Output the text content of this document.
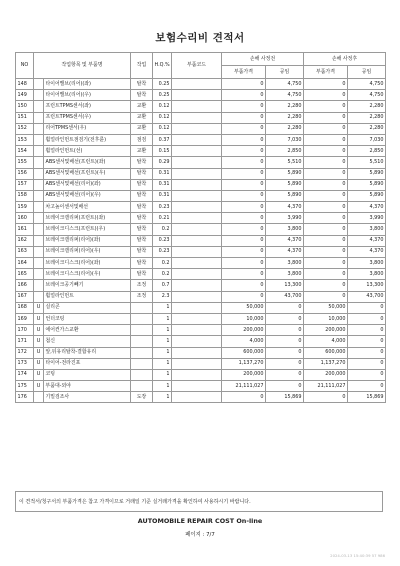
보험수리비 견적서
NO	작업항목 및 부품명		작업	H.Q.%	부품코드	손해 사정전		손해 사정후	
						부품가격	공임	부품가격	공임
148		타이어밸브(리어)(좌)	탈착	0.25		0	4,750	0	4,750
149		타이어밸브(리어)(우)	탈착	0.25		0	4,750	0	4,750
150		프런트TPMS센서(좌)	교환	0.12		0	2,280	0	2,280
151		프런트TPMS센서(우)	교환	0.12		0	2,280	0	2,280
152		리어TPMS센서(우)	교환	0.12		0	2,280	0	2,280
153		휠얼라인먼트점검기(전후륜)	점검	0.37		0	7,030	0	7,030
154		휠얼라인먼트(선)	교환	0.15		0	2,850	0	2,850
155		ABS센서및배선(프런트)(좌)	탈착	0.29		0	5,510	0	5,510
156		ABS센서및배선(프런트)(우)	탈착	0.31		0	5,890	0	5,890
157		ABS센서및배선(리어)(좌)	탈착	0.31		0	5,890	0	5,890
158		ABS센서및배선(리어)(우)	탈착	0.31		0	5,890	0	5,890
159		차고높이센서및배선	탈착	0.23		0	4,370	0	4,370
160		브레이크캘리퍼(프런트)(좌)	탈착	0.21		0	3,990	0	3,990
161		브레이크디스크(프런트)(우)	탈착	0.2		0	3,800	0	3,800
162		브레이크캘리퍼(리어)(좌)	탈착	0.23		0	4,370	0	4,370
163		브레이크캘리퍼(리어)(우)	탈착	0.23		0	4,370	0	4,370
164		브레이크디스크(리어)(좌)	탈착	0.2		0	3,800	0	3,800
165		브레이크디스크(리어)(우)	탈착	0.2		0	3,800	0	3,800
166		브레이크공기빼기	조정	0.7		0	13,300	0	13,300
167		휠얼라인먼트	조정	2.3		0	43,700	0	43,700
168	U	실리콘		1		50,000	0	50,000	0
169	U	언더코팅		1		10,000	0	10,000	0
170	U	에어컨가스교환		1		200,000	0	200,000	0
171	U	첨신		1		4,000	0	4,000	0
172	U	앞,뒤유리탈착-결합유리		1		600,000	0	600,000	0
173	U	타이어-전라진포		1		1,137,270	0	1,137,270	0
174	U	코팅		1		200,000	0	200,000	0
175	U	부품대-외야		1		21,111,027	0	21,111,027	0
176		기밀검조사	도장	1		0	15,869	0	15,869
이 견적서/청구서의 부품가격은 참고 가격이므로 거래일 기준 실거래가격을 확인하여 사용하시기 바랍니다.
AUTOMOBILE REPAIR COST On-line
페이지 : 7/7
2024-03-13 15:40:39 57 986
